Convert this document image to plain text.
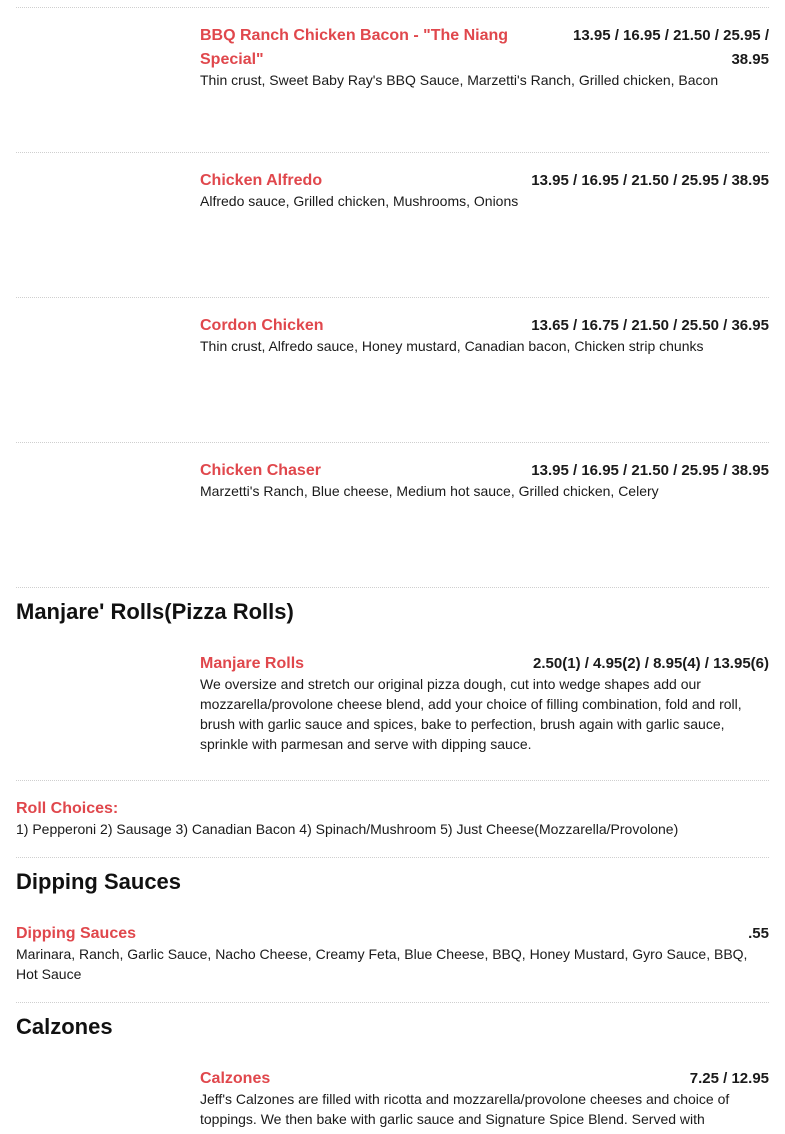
BBQ Ranch Chicken Bacon - "The Niang Special"
13.95 / 16.95 / 21.50 / 25.95 /
38.95
Thin crust, Sweet Baby Ray's BBQ Sauce, Marzetti's Ranch, Grilled chicken, Bacon
Chicken Alfredo	13.95 / 16.95 / 21.50 / 25.95 / 38.95
Alfredo sauce, Grilled chicken, Mushrooms, Onions
Cordon Chicken	13.65 / 16.75 / 21.50 / 25.50 / 36.95
Thin crust, Alfredo sauce, Honey mustard, Canadian bacon, Chicken strip chunks
Chicken Chaser	13.95 / 16.95 / 21.50 / 25.95 / 38.95
Marzetti's Ranch, Blue cheese, Medium hot sauce, Grilled chicken, Celery
Manjare' Rolls(Pizza Rolls)
Manjare Rolls	2.50(1) / 4.95(2) / 8.95(4) / 13.95(6)
We oversize and stretch our original pizza dough, cut into wedge shapes add our mozzarella/provolone cheese blend, add your choice of filling combination, fold and roll, brush with garlic sauce and spices, bake to perfection, brush again with garlic sauce, sprinkle with parmesan and serve with dipping sauce.
Roll Choices:
1) Pepperoni 2) Sausage 3) Canadian Bacon 4) Spinach/Mushroom 5) Just Cheese(Mozzarella/Provolone)
Dipping Sauces
Dipping Sauces	.55
Marinara, Ranch, Garlic Sauce, Nacho Cheese, Creamy Feta, Blue Cheese, BBQ, Honey Mustard, Gyro Sauce, BBQ, Hot Sauce
Calzones
Calzones	7.25 / 12.95
Jeff's Calzones are filled with ricotta and mozzarella/provolone cheeses and choice of toppings. We then bake with garlic sauce and Signature Spice Blend. Served with
